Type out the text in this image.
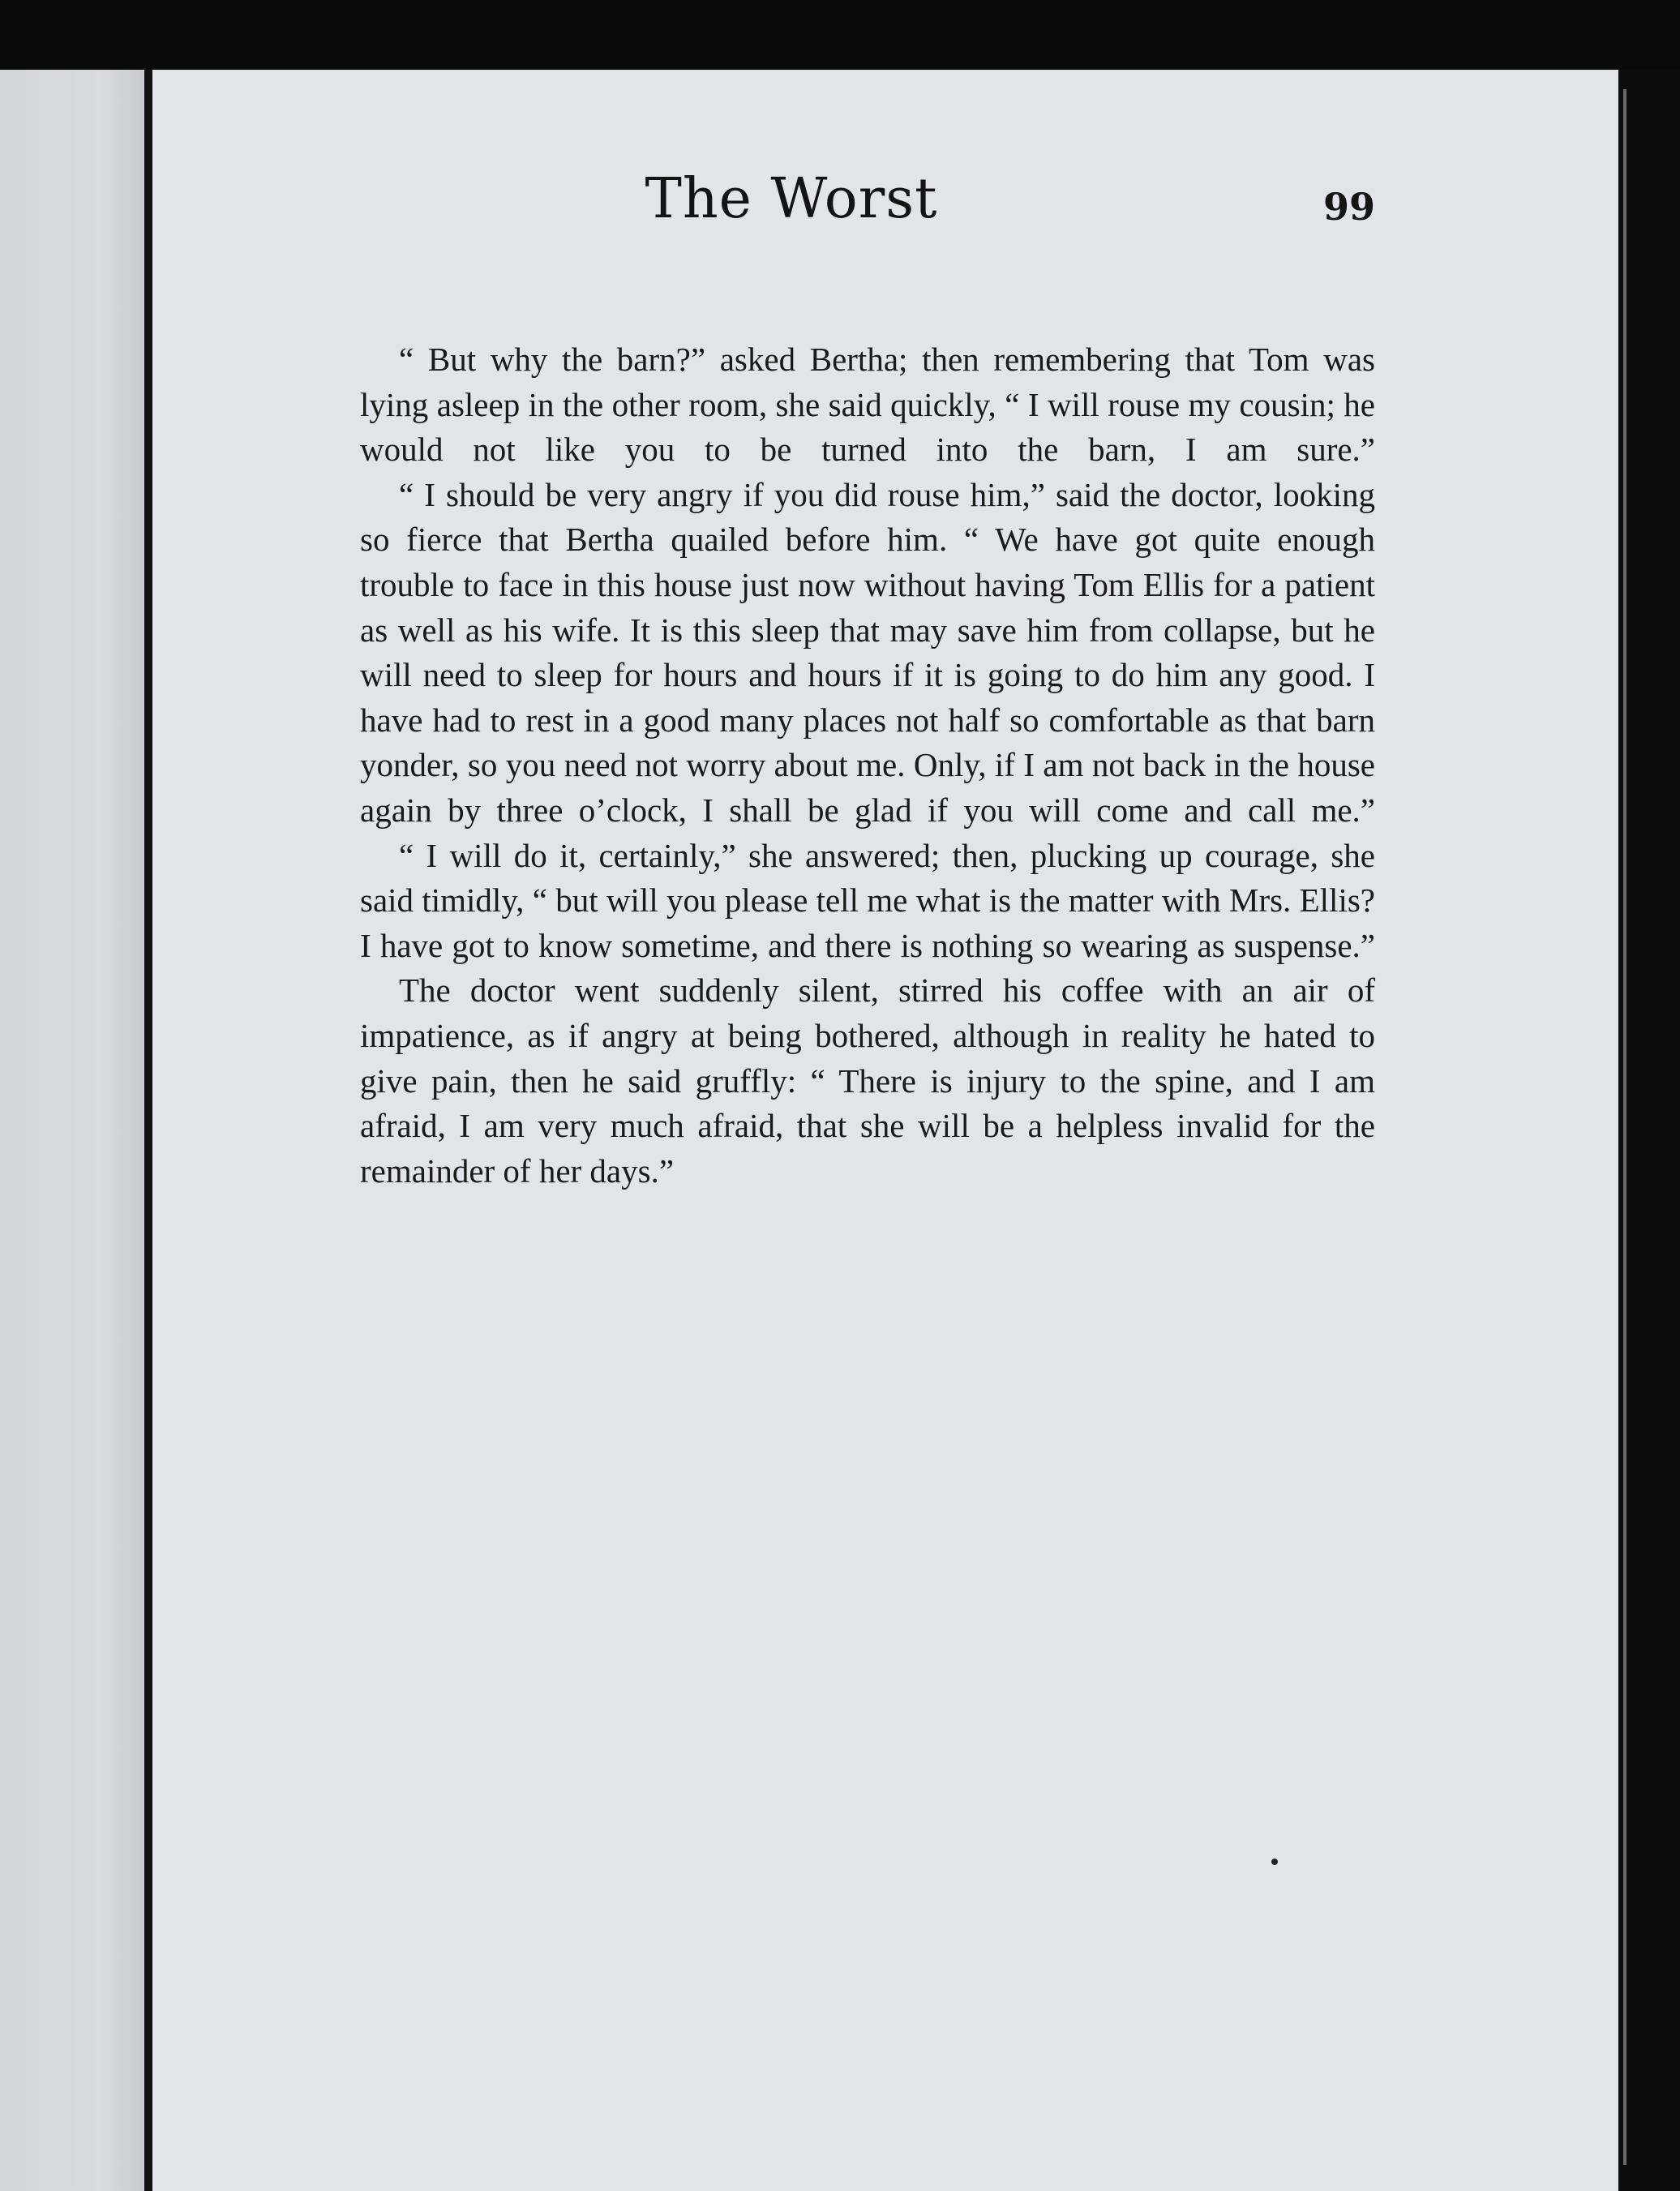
The Worst	99

“ But why the barn?” asked Bertha; then remembering that Tom was lying asleep in the other room, she said quickly, “ I will rouse my cousin; he would not like you to be turned into the barn, I am sure.”

“ I should be very angry if you did rouse him,” said the doctor, looking so fierce that Bertha quailed before him. “ We have got quite enough trouble to face in this house just now without having Tom Ellis for a patient as well as his wife. It is this sleep that may save him from collapse, but he will need to sleep for hours and hours if it is going to do him any good. I have had to rest in a good many places not half so comfortable as that barn yonder, so you need not worry about me. Only, if I am not back in the house again by three o’clock, I shall be glad if you will come and call me.”

“ I will do it, certainly,” she answered; then, plucking up courage, she said timidly, “ but will you please tell me what is the matter with Mrs. Ellis? I have got to know sometime, and there is nothing so wearing as suspense.”

The doctor went suddenly silent, stirred his coffee with an air of impatience, as if angry at being bothered, although in reality he hated to give pain, then he said gruffly: “ There is injury to the spine, and I am afraid, I am very much afraid, that she will be a helpless invalid for the remainder of her days.”
